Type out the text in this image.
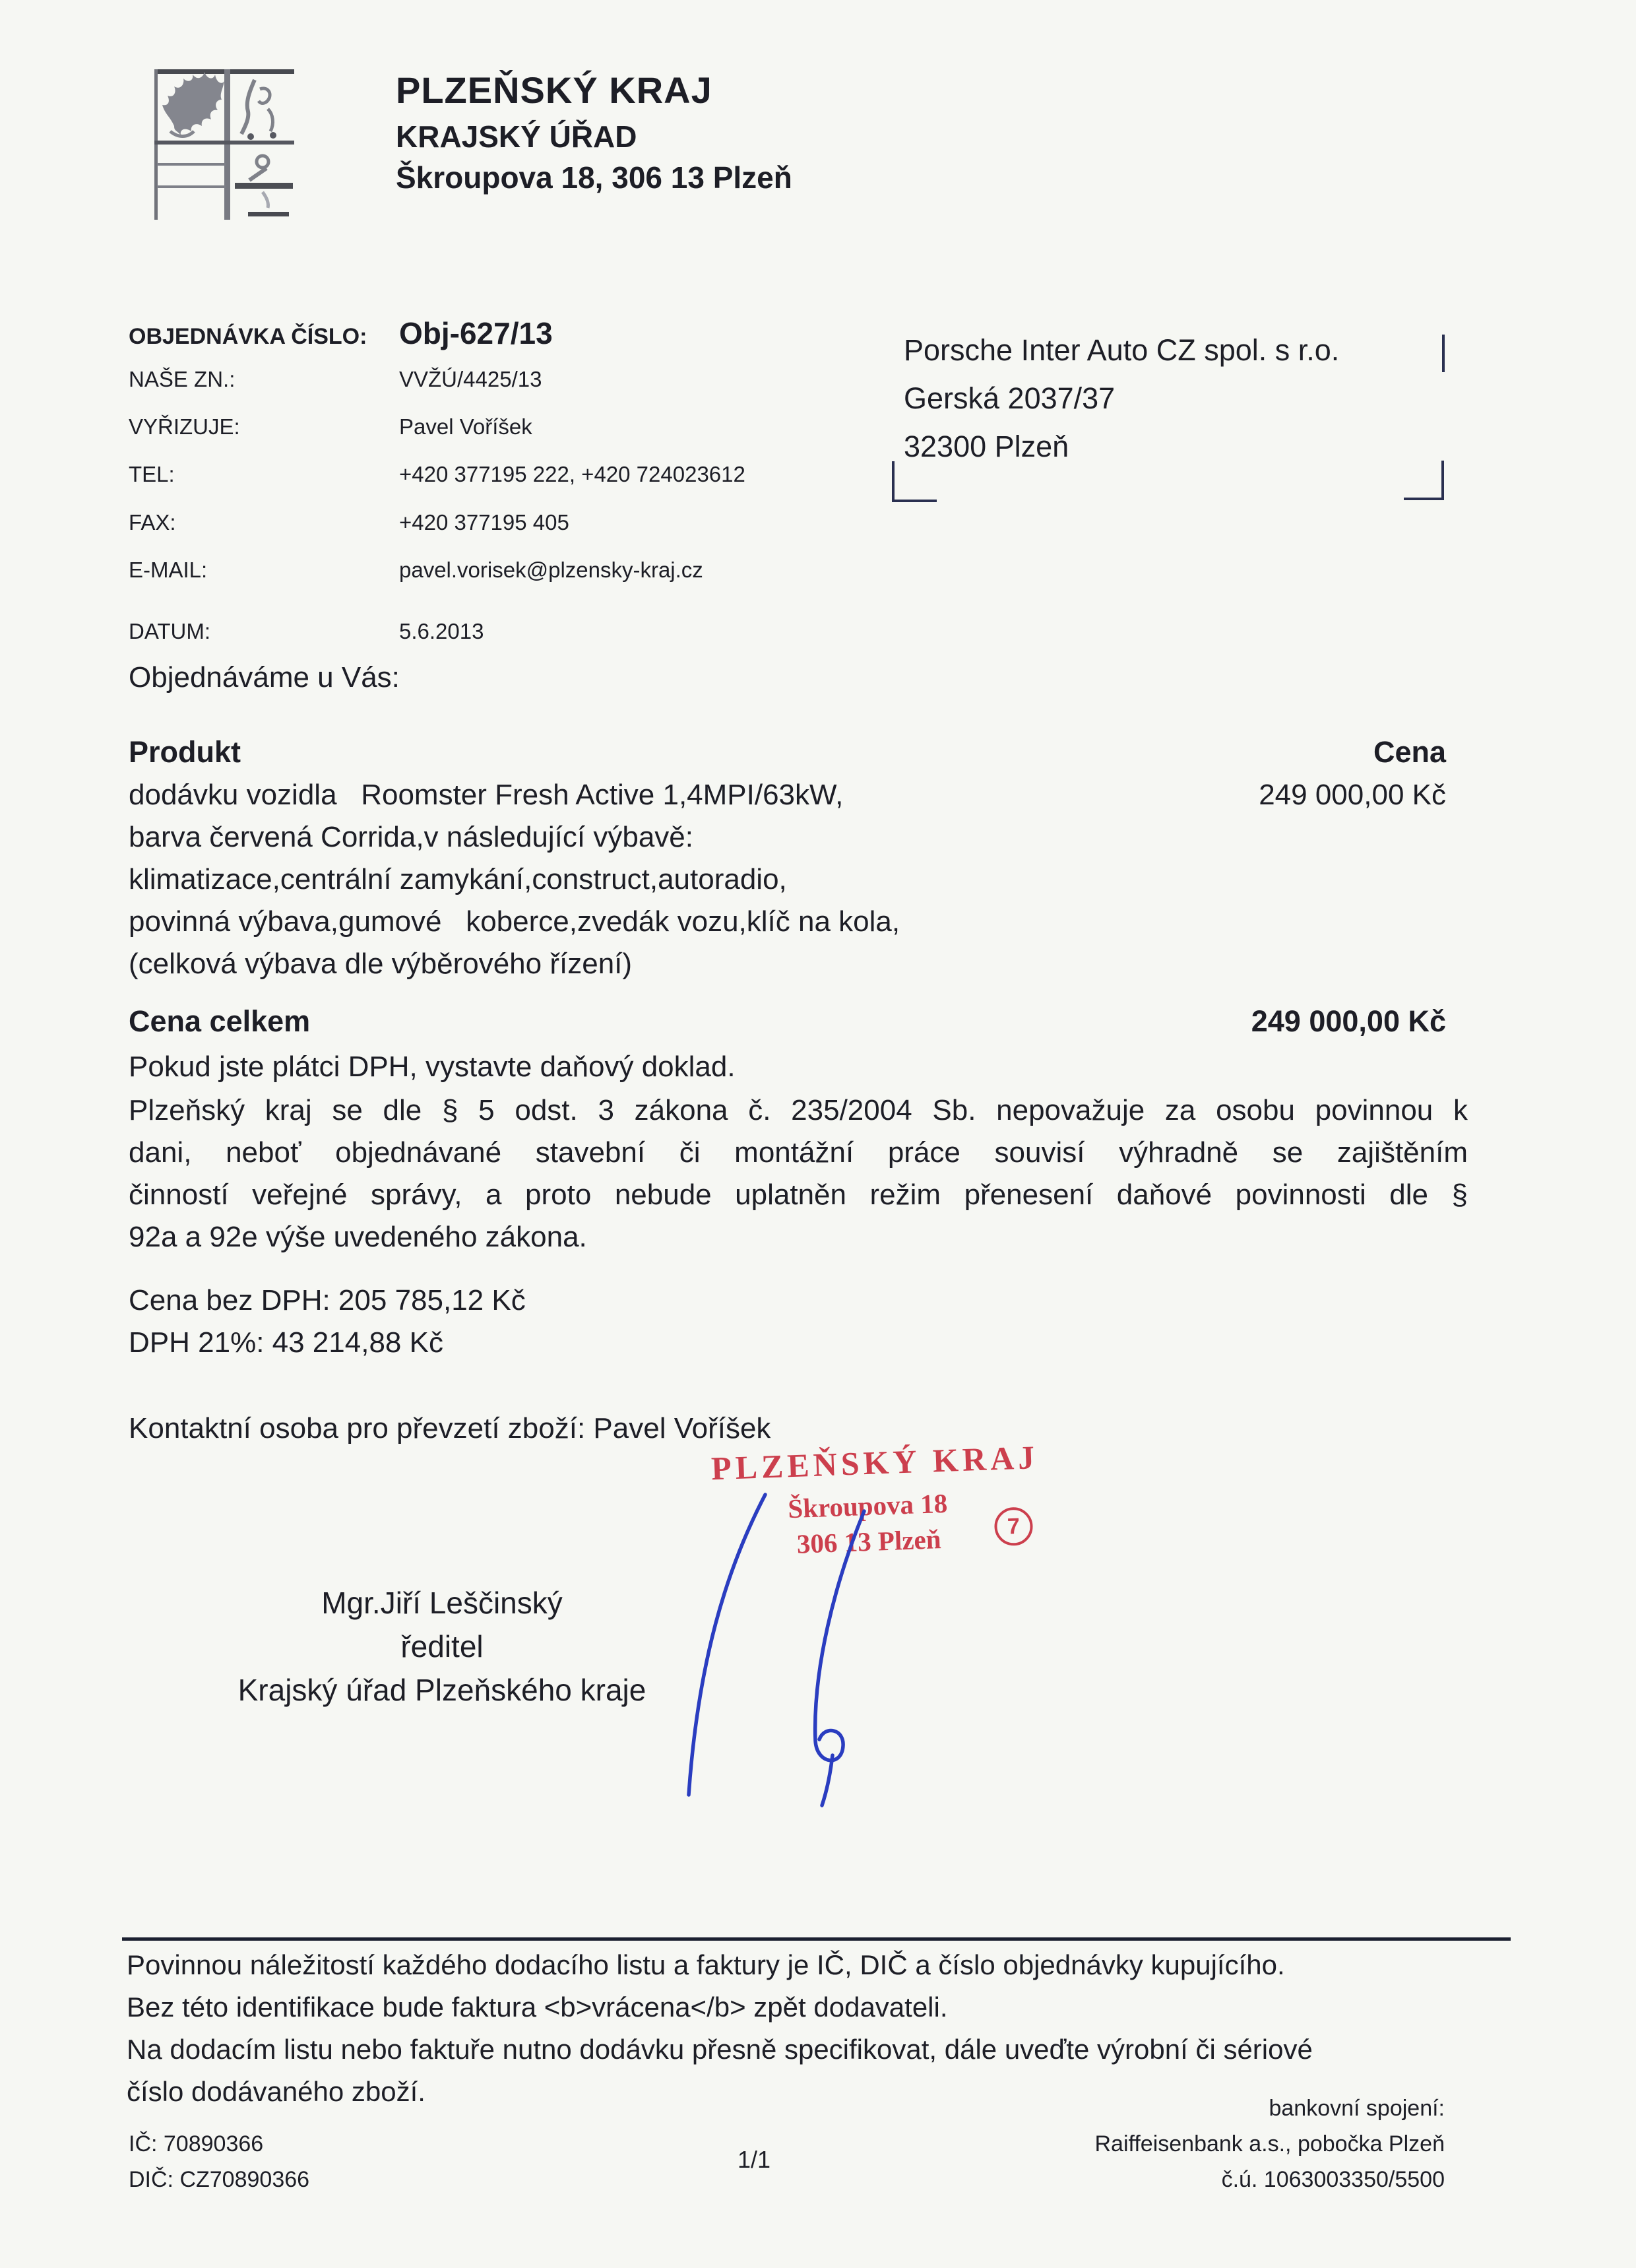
PLZEŇSKÝ KRAJ
KRAJSKÝ ÚŘAD
Škroupova 18, 306 13 Plzeň
OBJEDNÁVKA ČÍSLO: Obj-627/13
NAŠE ZN.:	VVŽÚ/4425/13
VYŘIZUJE:	Pavel Voříšek
TEL:	+420 377195 222, +420 724023612
FAX:	+420 377195 405
E-MAIL:	pavel.vorisek@plzensky-kraj.cz
DATUM:	5.6.2013
Porsche Inter Auto CZ spol. s r.o.
Gerská 2037/37
32300 Plzeň
Objednáváme u Vás:
Produkt	Cena
dodávku vozidla   Roomster Fresh Active 1,4MPI/63kW,	249 000,00 Kč
barva červená Corrida,v následující výbavě:
klimatizace,centrální zamykání,construct,autoradio,
povinná výbava,gumové   koberce,zvedák vozu,klíč na kola,
(celková výbava dle výběrového řízení)
Cena celkem	249 000,00 Kč
Pokud jste plátci DPH, vystavte daňový doklad.
Plzeňský kraj se dle § 5 odst. 3 zákona č. 235/2004 Sb. nepovažuje za osobu povinnou k
dani, neboť objednávané stavební či montážní práce souvisí výhradně se zajištěním
činností veřejné správy, a proto nebude uplatněn režim přenesení daňové povinnosti dle §
92a a 92e výše uvedeného zákona.
Cena bez DPH: 205 785,12 Kč
DPH 21%: 43 214,88 Kč
Kontaktní osoba pro převzetí zboží: Pavel Voříšek
PLZEŇSKÝ KRAJ
Škroupova 18
306 13 Plzeň	7
Mgr.Jiří Leščinský
ředitel
Krajský úřad Plzeňského kraje
Povinnou náležitostí každého dodacího listu a faktury je IČ, DIČ a číslo objednávky kupujícího.
Bez této identifikace bude faktura <b>vrácena</b> zpět dodavateli.
Na dodacím listu nebo faktuře nutno dodávku přesně specifikovat, dále uveďte výrobní či sériové
číslo dodávaného zboží.
IČ: 70890366
DIČ: CZ70890366
1/1
bankovní spojení:
Raiffeisenbank a.s., pobočka Plzeň
č.ú. 1063003350/5500
